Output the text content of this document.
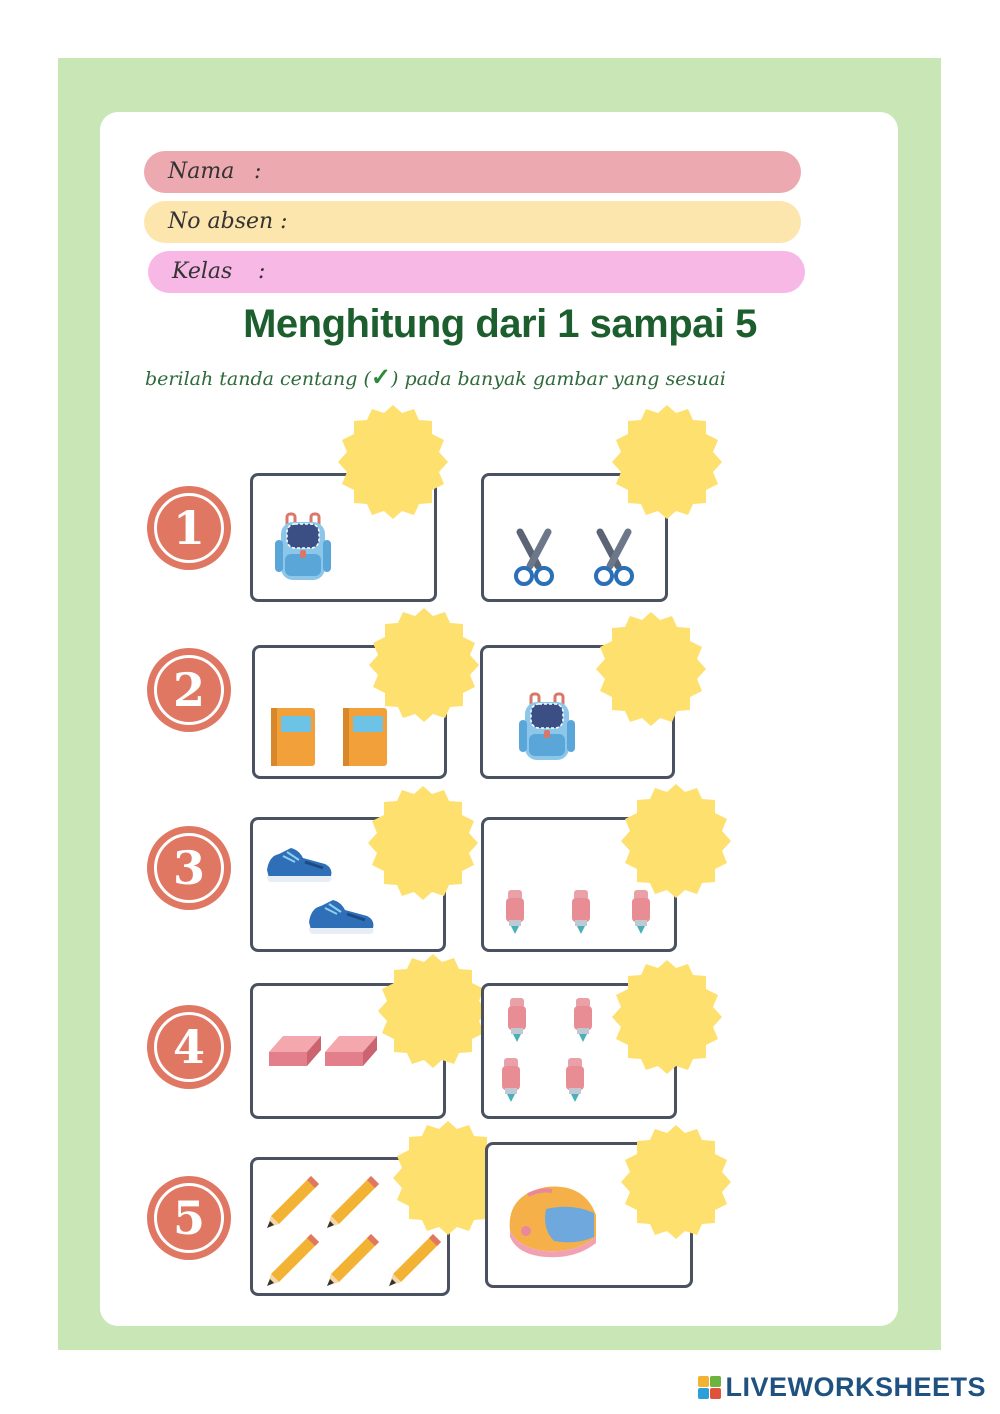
Nama :
No absen :
Kelas :
Menghitung dari 1 sampai 5
berilah tanda centang (✓) pada banyak gambar yang sesuai
1
2
3
4
5
LIVEWORKSHEETS
